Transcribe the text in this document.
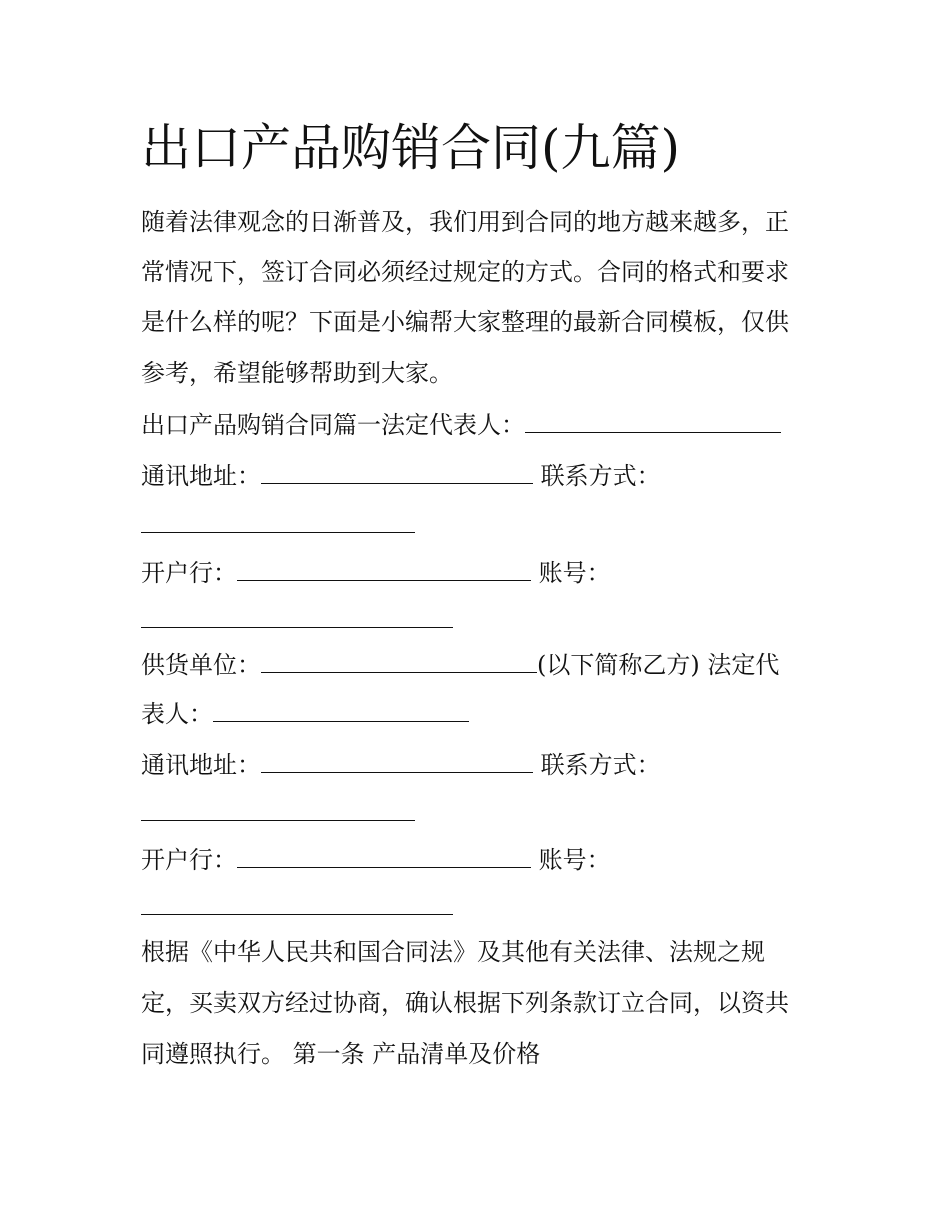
出口产品购销合同(九篇)
随着法律观念的日渐普及，我们用到合同的地方越来越多，正
常情况下，签订合同必须经过规定的方式。合同的格式和要求
是什么样的呢？下面是小编帮大家整理的最新合同模板，仅供
参考，希望能够帮助到大家。
出口产品购销合同篇一法定代表人：
通讯地址：	联系方式：
开户行：	账号：
供货单位：	(以下简称乙方) 法定代
表人：
通讯地址：	联系方式：
开户行：	账号：
根据《中华人民共和国合同法》及其他有关法律、法规之规
定，买卖双方经过协商，确认根据下列条款订立合同，以资共
同遵照执行。 第一条 产品清单及价格
